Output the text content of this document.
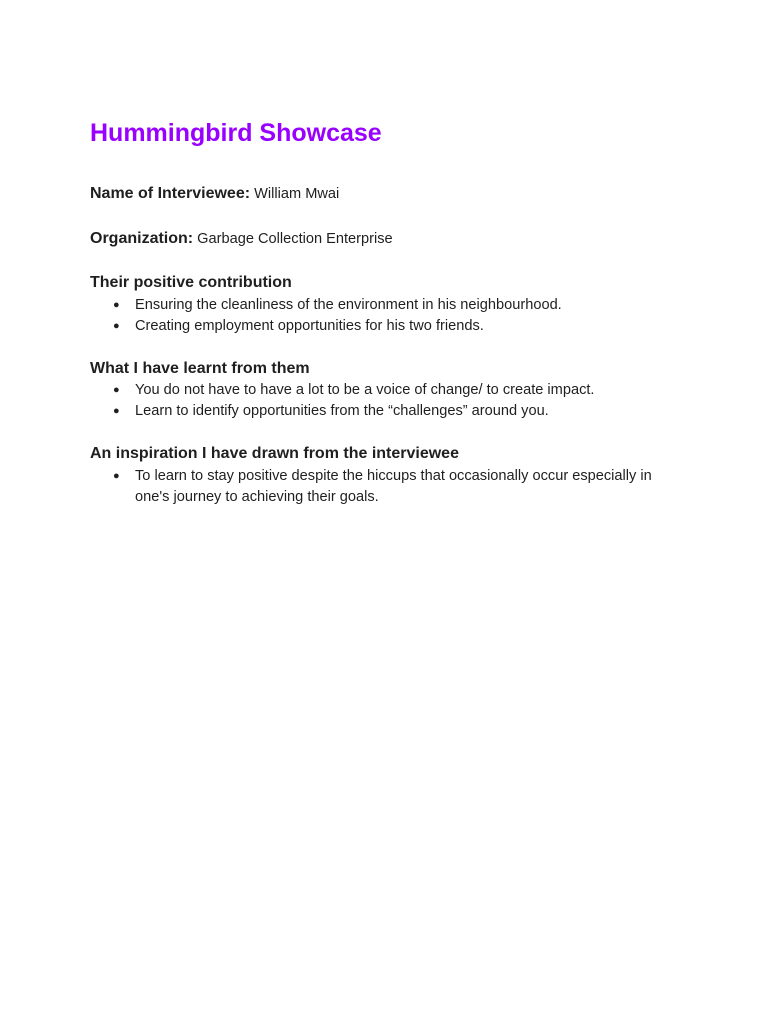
Hummingbird Showcase

Name of Interviewee: William Mwai

Organization: Garbage Collection Enterprise

Their positive contribution
● Ensuring the cleanliness of the environment in his neighbourhood.
● Creating employment opportunities for his two friends.
What I have learnt from them
● You do not have to have a lot to be a voice of change/ to create impact.
● Learn to identify opportunities from the “challenges” around you.
An inspiration I have drawn from the interviewee
● To learn to stay positive despite the hiccups that occasionally occur especially in one's journey to achieving their goals.
